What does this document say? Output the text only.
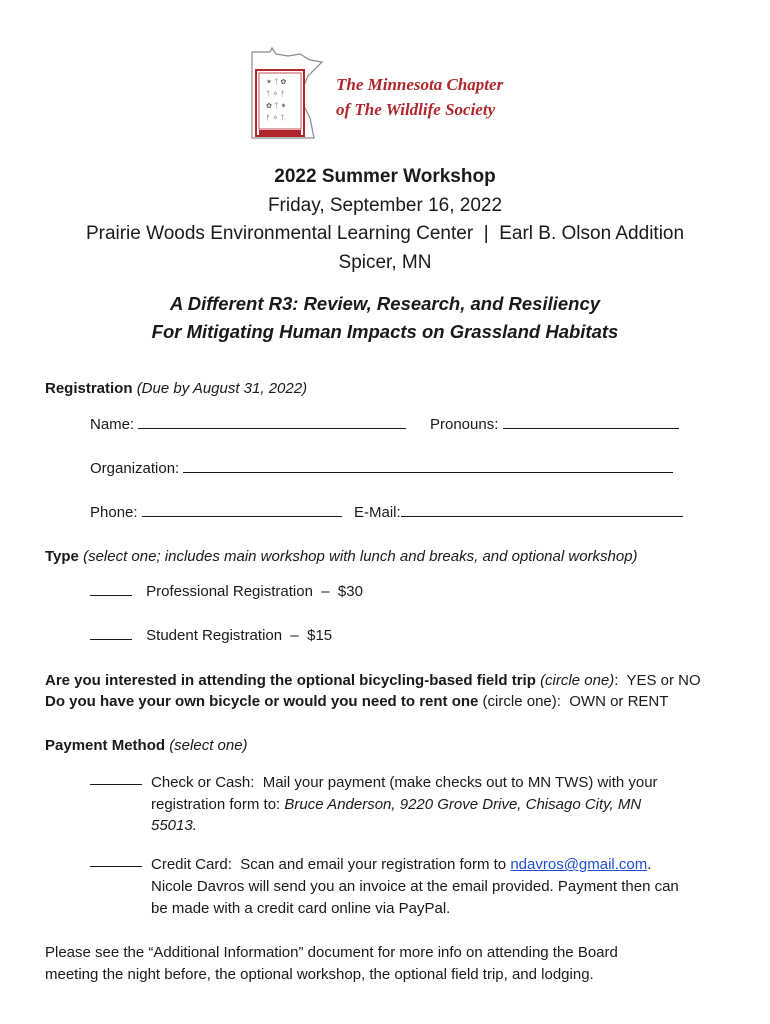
✶ ᛉ ✿
ᛉ ✧ ᚡ
✿ ᛉ ✶
ᚡ ✧ ᛉ
The Minnesota Chapter
of The Wildlife Society
2022 Summer Workshop
Friday, September 16, 2022
Prairie Woods Environmental Learning Center  |  Earl B. Olson Addition
Spicer, MN
A Different R3: Review, Research, and Resiliency
For Mitigating Human Impacts on Grassland Habitats
Registration (Due by August 31, 2022)
Name:	Pronouns:
Organization:
Phone:	E-Mail:
Type (select one; includes main workshop with lunch and breaks, and optional workshop)
Professional Registration  –  $30
Student Registration  –  $15
Are you interested in attending the optional bicycling-based field trip (circle one):  YES or NO
Do you have your own bicycle or would you need to rent one (circle one):  OWN or RENT
Payment Method (select one)
Check or Cash:  Mail your payment (make checks out to MN TWS) with your
registration form to: Bruce Anderson, 9220 Grove Drive, Chisago City, MN
55013.
Credit Card:  Scan and email your registration form to ndavros@gmail.com.
Nicole Davros will send you an invoice at the email provided. Payment then can
be made with a credit card online via PayPal.
Please see the “Additional Information” document for more info on attending the Board
meeting the night before, the optional workshop, the optional field trip, and lodging.
